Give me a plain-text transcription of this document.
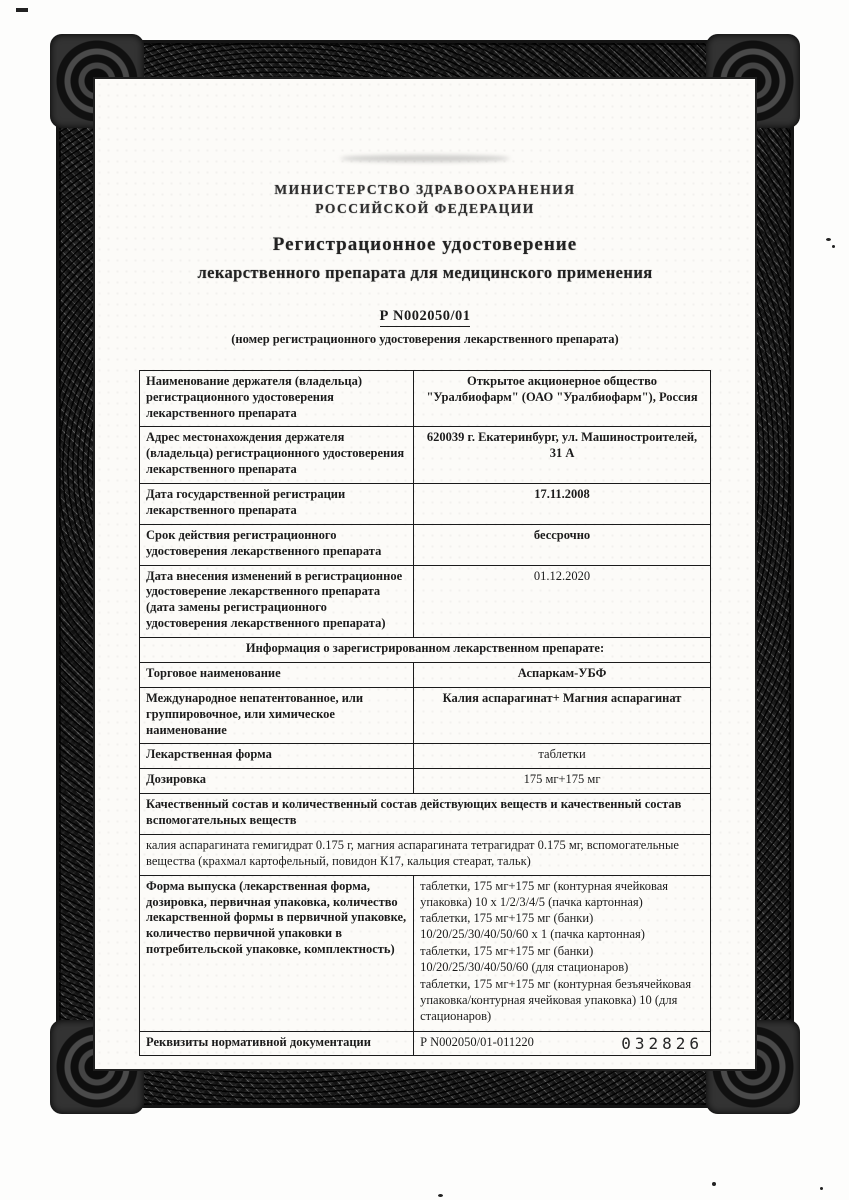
МИНИСТЕРСТВО ЗДРАВООХРАНЕНИЯ
РОССИЙСКОЙ ФЕДЕРАЦИИ
Регистрационное удостоверение
лекарственного препарата для медицинского применения
Р N002050/01
(номер регистрационного удостоверения лекарственного препарата)
Наименование держателя (владельца) регистрационного удостоверения лекарственного препарата	Открытое акционерное общество "Уралбиофарм" (ОАО "Уралбиофарм"), Россия
Адрес местонахождения держателя (владельца) регистрационного удостоверения лекарственного препарата	620039 г. Екатеринбург, ул. Машиностроителей, 31 А
Дата государственной регистрации лекарственного препарата	17.11.2008
Срок действия регистрационного удостоверения лекарственного препарата	бессрочно
Дата внесения изменений в регистрационное удостоверение лекарственного препарата (дата замены регистрационного удостоверения лекарственного препарата)	01.12.2020
Информация о зарегистрированном лекарственном препарате:	
Торговое наименование	Аспаркам-УБФ
Международное непатентованное, или группировочное, или химическое наименование	Калия аспарагинат+ Магния аспарагинат
Лекарственная форма	таблетки
Дозировка	175 мг+175 мг
Качественный состав и количественный состав действующих веществ и качественный состав вспомогательных веществ	
калия аспарагината гемигидрат 0.175 г, магния аспарагината тетрагидрат 0.175 мг, вспомогательные вещества (крахмал картофельный, повидон К17, кальция стеарат, тальк)	
Форма выпуска (лекарственная форма, дозировка, первичная упаковка, количество лекарственной формы в первичной упаковке, количество первичной упаковки в потребительской упаковке, комплектность)	таблетки, 175 мг+175 мг (контурная ячейковая упаковка) 10 х 1/2/3/4/5 (пачка картонная)
таблетки, 175 мг+175 мг (банки) 10/20/25/30/40/50/60 х 1 (пачка картонная)
таблетки, 175 мг+175 мг (банки) 10/20/25/30/40/50/60 (для стационаров)
таблетки, 175 мг+175 мг (контурная безъячейковая упаковка/контурная ячейковая упаковка) 10 (для стационаров)

Реквизиты нормативной документации	Р N002050/01-011220	032826
